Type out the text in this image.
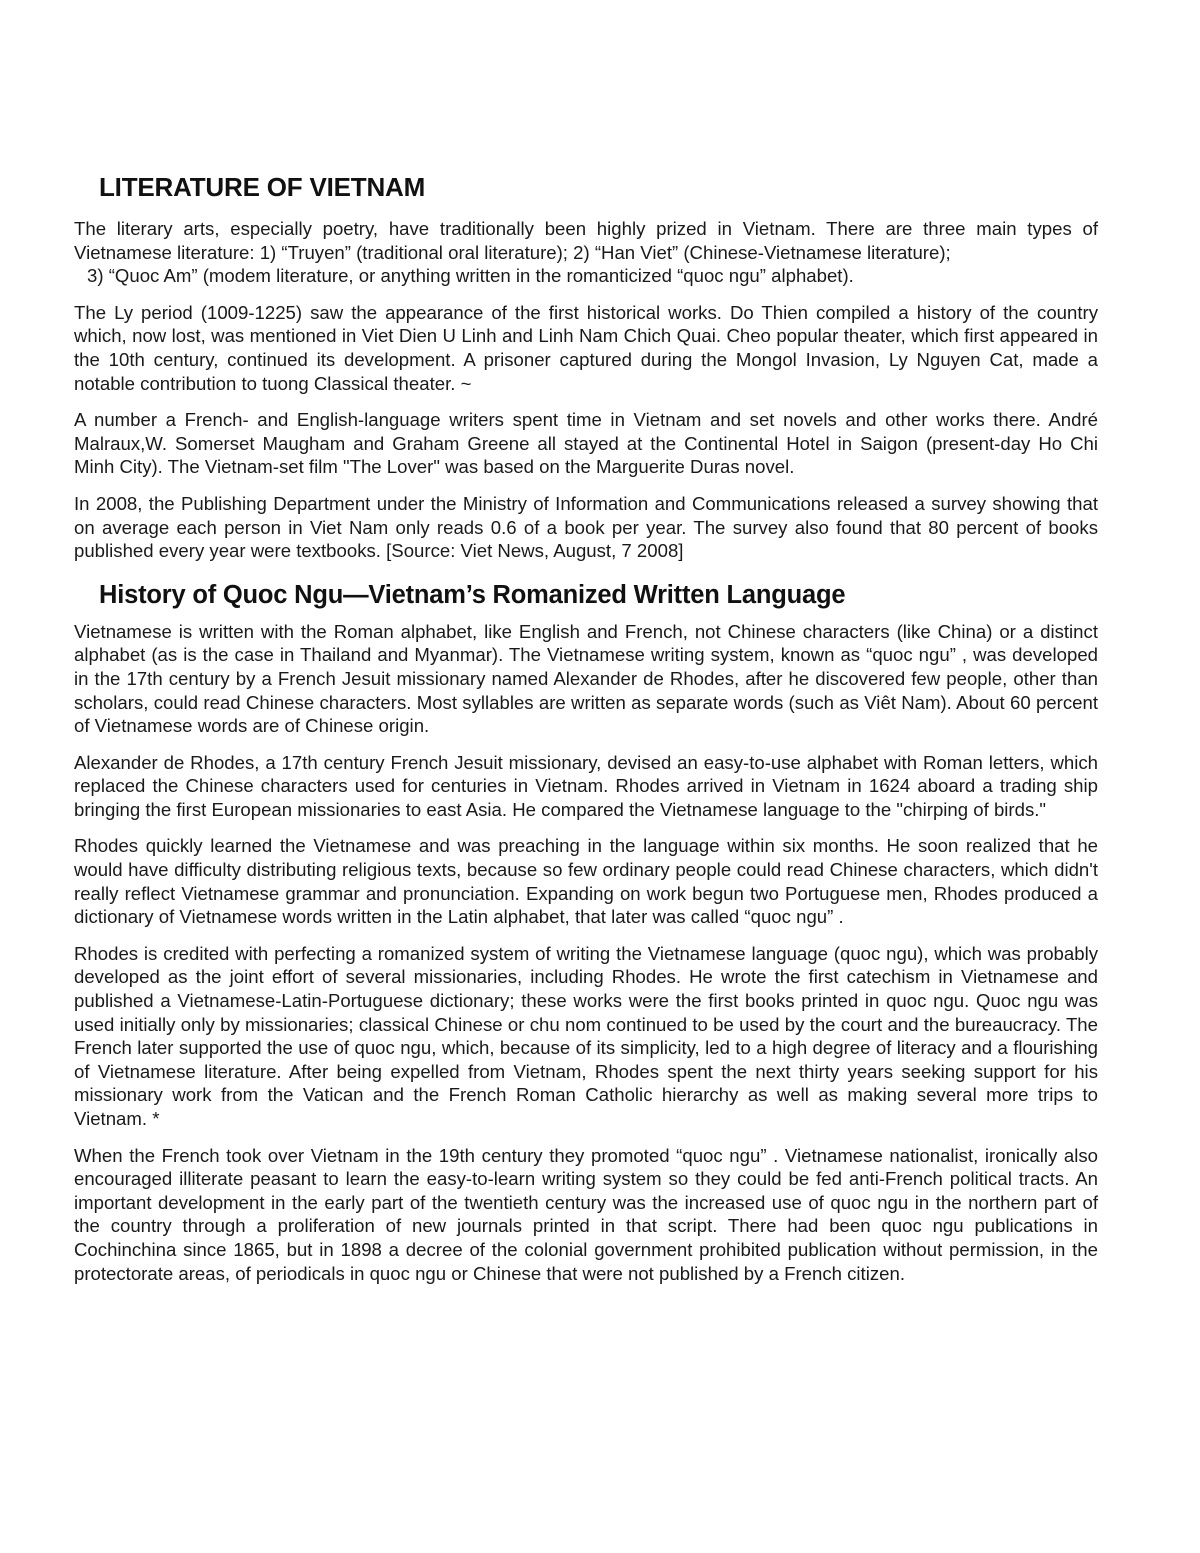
LITERATURE OF VIETNAM

The literary arts, especially poetry, have traditionally been highly prized in Vietnam. There are three main types of Vietnamese literature: 1) “Truyen” (traditional oral literature); 2) “Han Viet” (Chinese-Vietnamese literature);

3) “Quoc Am” (modem literature, or anything written in the romanticized “quoc ngu” alphabet).

The Ly period (1009-1225) saw the appearance of the first historical works. Do Thien compiled a history of the country which, now lost, was mentioned in Viet Dien U Linh and Linh Nam Chich Quai. Cheo popular theater, which first appeared in the 10th century, continued its development. A prisoner captured during the Mongol Invasion, Ly Nguyen Cat, made a notable contribution to tuong Classical theater. ~

A number a French- and English-language writers spent time in Vietnam and set novels and other works there. André Malraux,W. Somerset Maugham and Graham Greene all stayed at the Continental Hotel in Saigon (present-day Ho Chi Minh City). The Vietnam-set film "The Lover" was based on the Marguerite Duras novel.

In 2008, the Publishing Department under the Ministry of Information and Communications released a survey showing that on average each person in Viet Nam only reads 0.6 of a book per year. The survey also found that 80 percent of books published every year were textbooks. [Source: Viet News, August, 7 2008]

History of Quoc Ngu—Vietnam’s Romanized Written Language

Vietnamese is written with the Roman alphabet, like English and French, not Chinese characters (like China) or a distinct alphabet (as is the case in Thailand and Myanmar). The Vietnamese writing system, known as “quoc ngu” , was developed in the 17th century by a French Jesuit missionary named Alexander de Rhodes, after he discovered few people, other than scholars, could read Chinese characters. Most syllables are written as separate words (such as Viêt Nam). About 60 percent of Vietnamese words are of Chinese origin.

Alexander de Rhodes, a 17th century French Jesuit missionary, devised an easy-to-use alphabet with Roman letters, which replaced the Chinese characters used for centuries in Vietnam. Rhodes arrived in Vietnam in 1624 aboard a trading ship bringing the first European missionaries to east Asia. He compared the Vietnamese language to the "chirping of birds."

Rhodes quickly learned the Vietnamese and was preaching in the language within six months. He soon realized that he would have difficulty distributing religious texts, because so few ordinary people could read Chinese characters, which didn't really reflect Vietnamese grammar and pronunciation. Expanding on work begun two Portuguese men, Rhodes produced a dictionary of Vietnamese words written in the Latin alphabet, that later was called “quoc ngu” .

Rhodes is credited with perfecting a romanized system of writing the Vietnamese language (quoc ngu), which was probably developed as the joint effort of several missionaries, including Rhodes. He wrote the first catechism in Vietnamese and published a Vietnamese-Latin-Portuguese dictionary; these works were the first books printed in quoc ngu. Quoc ngu was used initially only by missionaries; classical Chinese or chu nom continued to be used by the court and the bureaucracy. The French later supported the use of quoc ngu, which, because of its simplicity, led to a high degree of literacy and a flourishing of Vietnamese literature. After being expelled from Vietnam, Rhodes spent the next thirty years seeking support for his missionary work from the Vatican and the French Roman Catholic hierarchy as well as making several more trips to Vietnam. *

When the French took over Vietnam in the 19th century they promoted “quoc ngu” . Vietnamese nationalist, ironically also encouraged illiterate peasant to learn the easy-to-learn writing system so they could be fed anti-French political tracts. An important development in the early part of the twentieth century was the increased use of quoc ngu in the northern part of the country through a proliferation of new journals printed in that script. There had been quoc ngu publications in Cochinchina since 1865, but in 1898 a decree of the colonial government prohibited publication without permission, in the protectorate areas, of periodicals in quoc ngu or Chinese that were not published by a French citizen.
